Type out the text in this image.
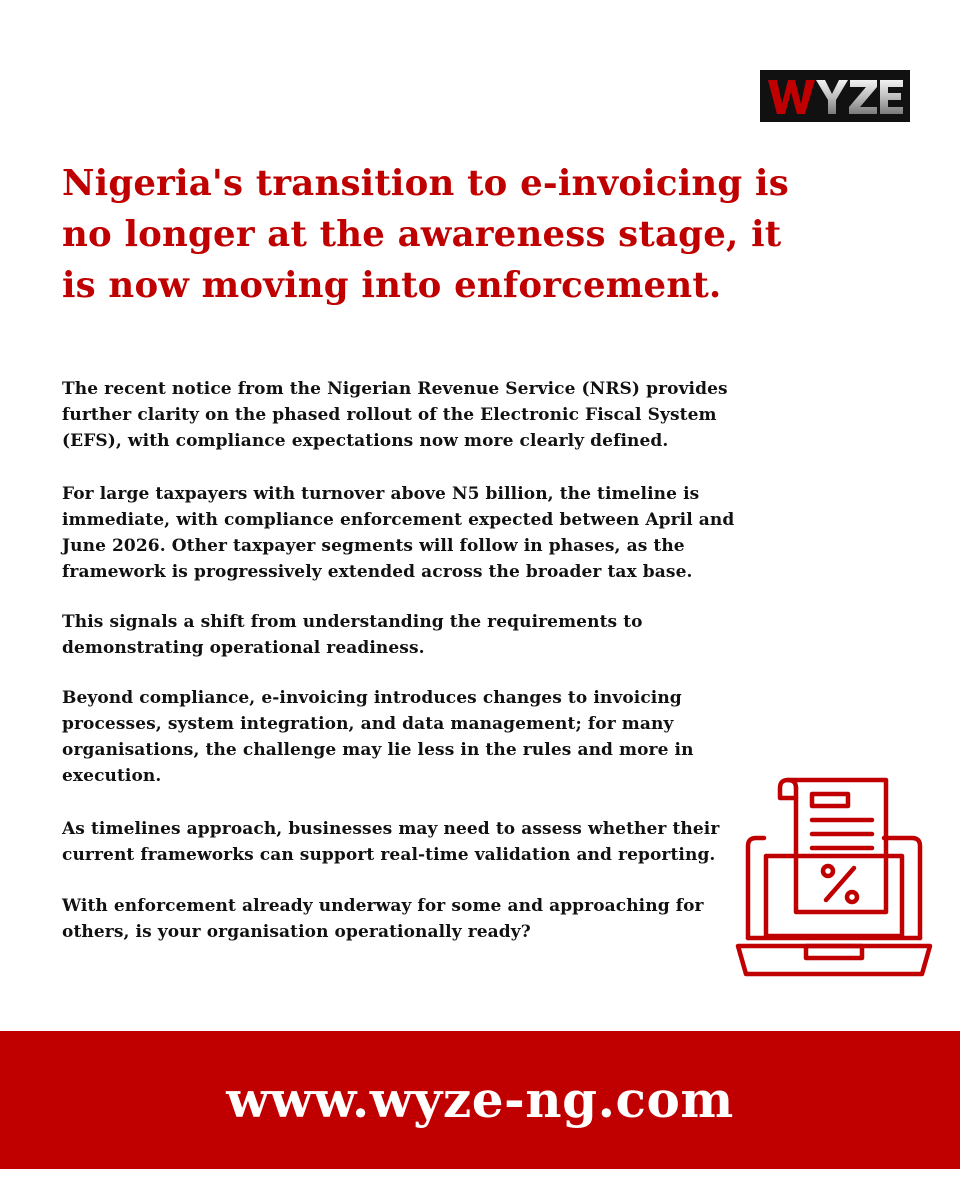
Nigeria's transition to e-invoicing is no longer at the awareness stage, it is now moving into enforcement.

The recent notice from the Nigerian Revenue Service (NRS) provides further clarity on the phased rollout of the Electronic Fiscal System (EFS), with compliance expectations now more clearly defined.

For large taxpayers with turnover above N5 billion, the timeline is immediate, with compliance enforcement expected between April and June 2026. Other taxpayer segments will follow in phases, as the framework is progressively extended across the broader tax base.

This signals a shift from understanding the requirements to demonstrating operational readiness.

Beyond compliance, e-invoicing introduces changes to invoicing processes, system integration, and data management; for many organisations, the challenge may lie less in the rules and more in execution.

As timelines approach, businesses may need to assess whether their current frameworks can support real-time validation and reporting.

With enforcement already underway for some and approaching for others, is your organisation operationally ready?

www.wyze-ng.com
